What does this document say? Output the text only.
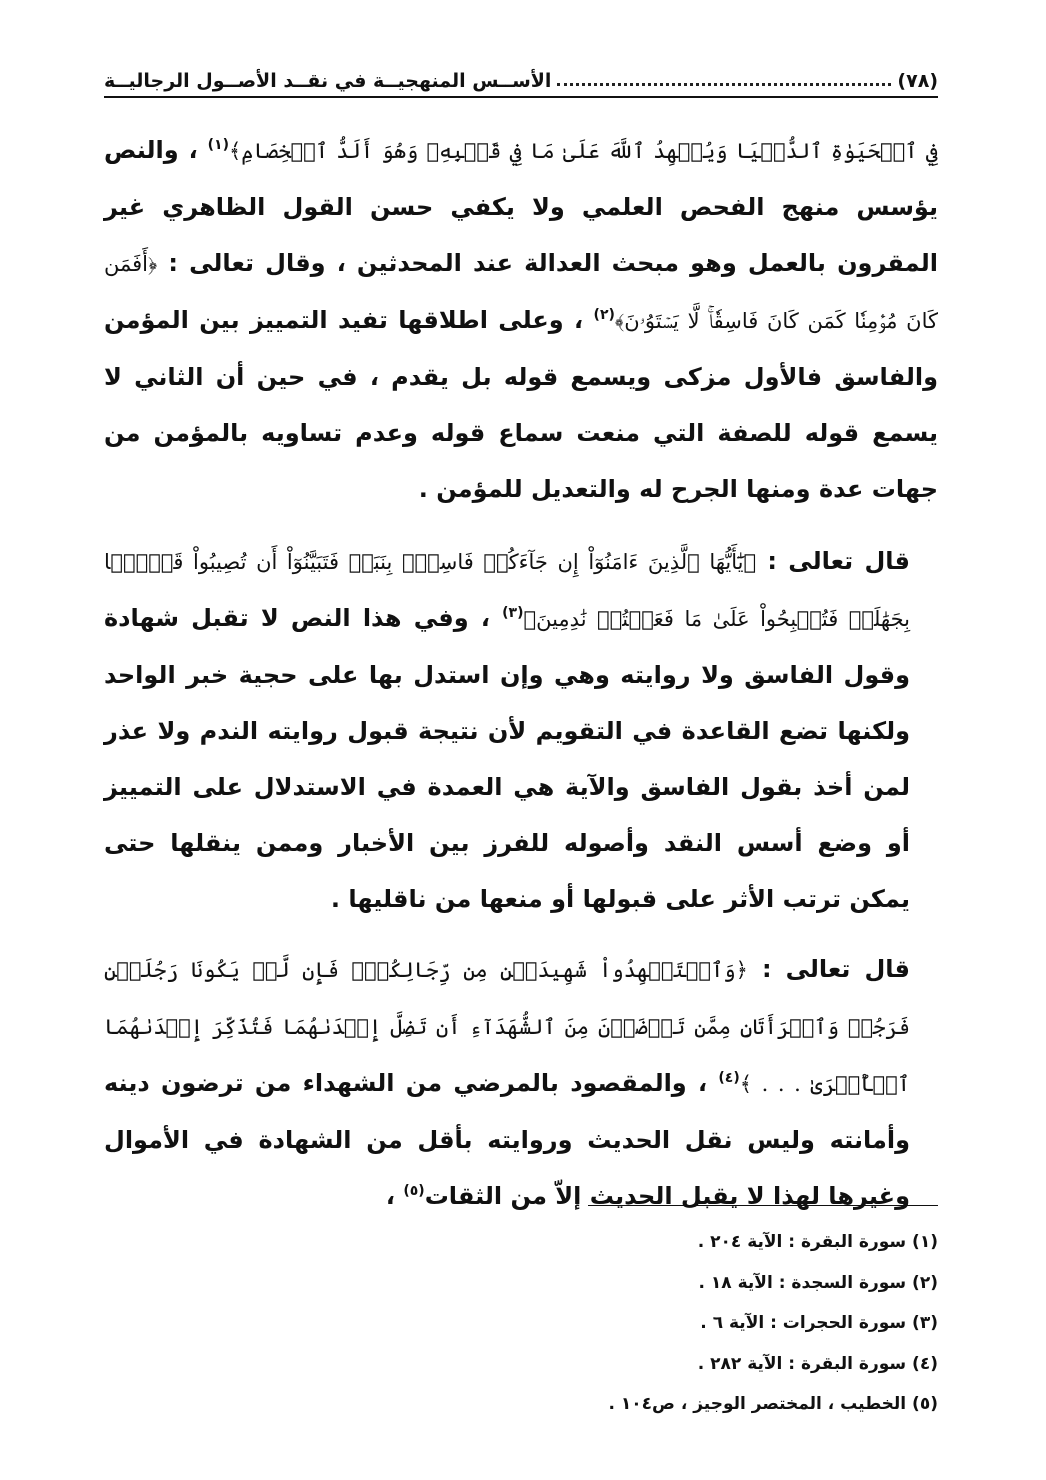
(٧٨)
الأســس المنهجيــة في نقــد الأصــول الرجاليــة

فِي ٱلۡحَيَوٰةِ ٱلدُّنۡيَا وَيُشۡهِدُ ٱللَّهَ عَلَىٰ مَا فِي قَلۡبِهِۦ وَهُوَ أَلَدُّ ٱلۡخِصَامِ﴾$^{(١)}$ ، والنص يؤسس منهج الفحص العلمي ولا يكفي حسن القول الظاهري غير المقرون بالعمل وهو مبحث العدالة عند المحدثين ، وقال تعالى : ﴿أَفَمَن كَانَ مُؤۡمِنٗا كَمَن كَانَ فَاسِقٗاۚ لَّا يَسۡتَوُۥنَ﴾$^{(٢)}$ ، وعلى اطلاقها تفيد التمييز بين المؤمن والفاسق فالأول مزكى ويسمع قوله بل يقدم ، في حين أن الثاني لا يسمع قوله للصفة التي منعت سماع قوله وعدم تساويه بالمؤمن من جهات عدة ومنها الجرح له والتعديل للمؤمن .

قال تعالى : ﴿يَٰٓأَيُّهَا ٱلَّذِينَ ءَامَنُوٓاْ إِن جَآءَكُمۡ فَاسِقُۢ بِنَبَإٖ فَتَبَيَّنُوٓاْ أَن تُصِيبُواْ قَوۡمَۢا بِجَهَٰلَةٖ فَتُصۡبِحُواْ عَلَىٰ مَا فَعَلۡتُمۡ نَٰدِمِينَ﴾$^{(٣)}$ ، وفي هذا النص لا تقبل شهادة وقول الفاسق ولا روايته وهي وإن استدل بها على حجية خبر الواحد ولكنها تضع القاعدة في التقويم لأن نتيجة قبول روايته الندم ولا عذر لمن أخذ بقول الفاسق والآية هي العمدة في الاستدلال على التمييز أو وضع أسس النقد وأصوله للفرز بين الأخبار وممن ينقلها حتى يمكن ترتب الأثر على قبولها أو منعها من ناقليها .

قال تعالى : ﴿وَٱسۡتَشۡهِدُواْ شَهِيدَيۡنِ مِن رِّجَالِكُمۡۖ فَإِن لَّمۡ يَكُونَا رَجُلَيۡنِ فَرَجُلٞ وَٱمۡرَأَتَانِ مِمَّن تَرۡضَوۡنَ مِنَ ٱلشُّهَدَآءِ أَن تَضِلَّ إِحۡدَىٰهُمَا فَتُذَكِّرَ إِحۡدَىٰهُمَا ٱلۡأُخۡرَىٰ . . . ﴾$^{(٤)}$ ، والمقصود بالمرضي من الشهداء من ترضون دينه وأمانته وليس نقل الحديث وروايته بأقل من الشهادة في الأموال وغيرها لهذا لا يقبل الحديث إلاّ من الثقات$^{(٥)}$ ،

(١) سورة البقرة : الآية ٢٠٤ .
(٢) سورة السجدة : الآية ١٨ .
(٣) سورة الحجرات : الآية ٦ .
(٤) سورة البقرة : الآية ٢٨٢ .
(٥) الخطيب ، المختصر الوجيز ، ص١٠٤ .
